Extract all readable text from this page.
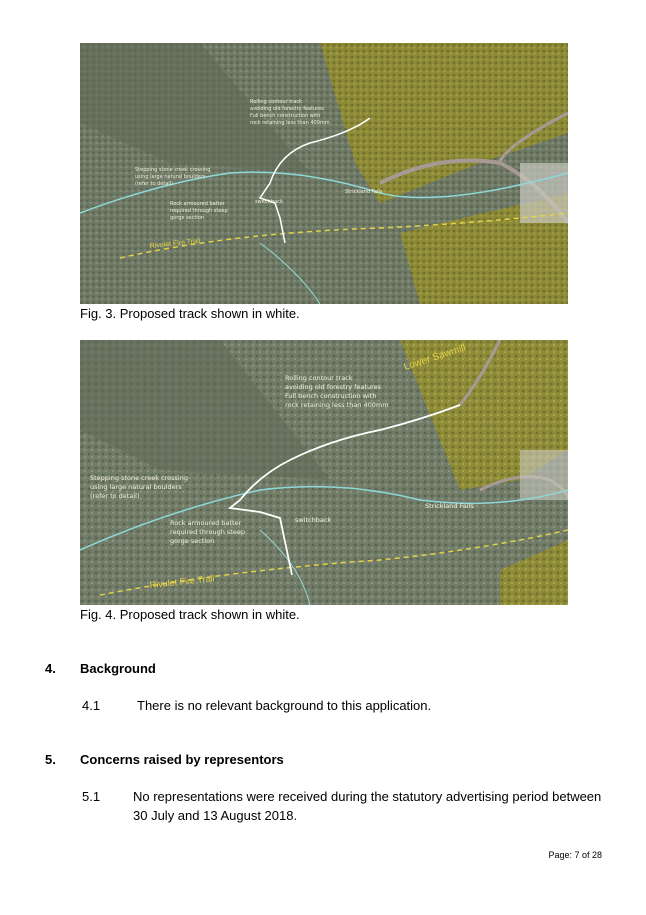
Rolling contour track
avoiding old forestry features
Full bench construction with
rock retaining less than 400mm
Stepping stone creek crossing
using large natural boulders
(refer to detail)
Rock armoured batter
required through steep
gorge section
switchback
Strickland Falls
Rivulet Fire Trail
Fig. 3. Proposed track shown in white.
Rolling contour track
avoiding old forestry features
Full bench construction with
rock retaining less than 400mm
Stepping stone creek crossing
using large natural boulders
(refer to detail)
Rock armoured batter
required through steep
gorge section
switchback
Strickland Falls
Lower Sawmill
Rivulet Fire Trail
Fig. 4. Proposed track shown in white.
4. Background
4.1	There is no relevant background to this application.
5. Concerns raised by representors
5.1	No representations were received during the statutory advertising period between
30 July and 13 August 2018.
Page: 7 of 28
